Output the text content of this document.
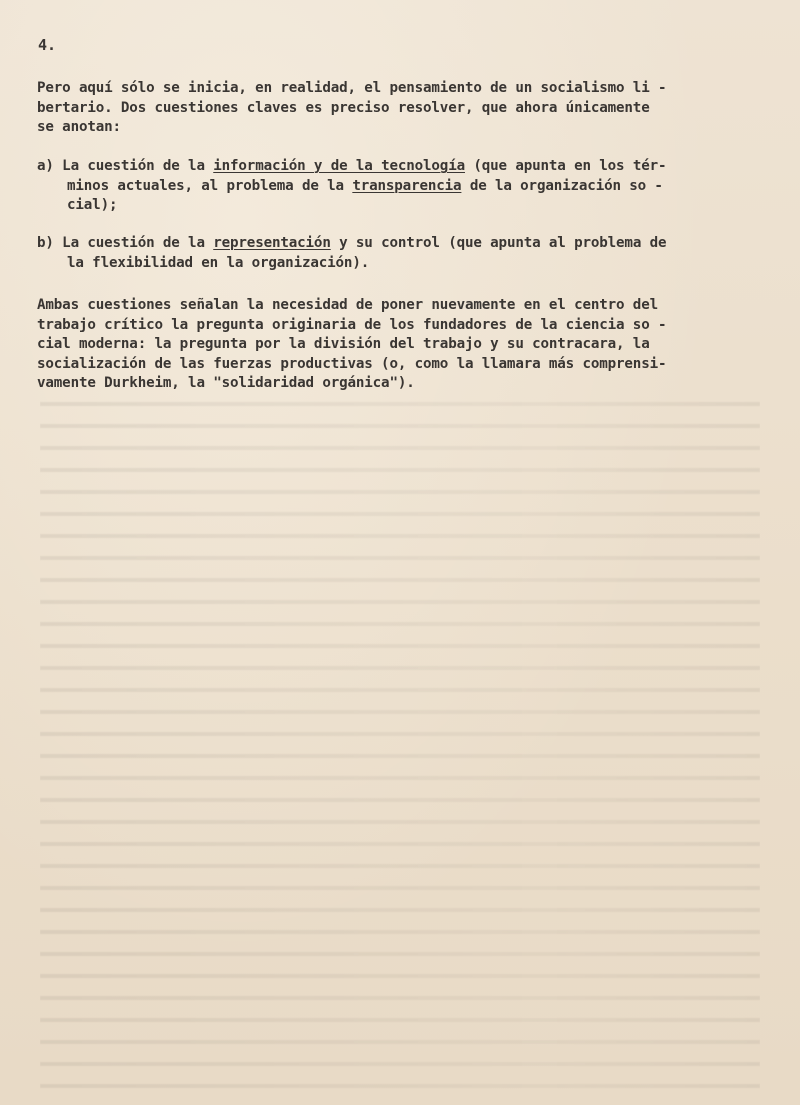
4.
Pero aquí sólo se inicia, en realidad, el pensamiento de un socialismo li -
bertario. Dos cuestiones claves es preciso resolver, que ahora únicamente
se anotan:
a) La cuestión de la información y de la tecnología (que apunta en los tér-
minos actuales, al problema de la transparencia de la organización so -
cial);
b) La cuestión de la representación y su control (que apunta al problema de
la flexibilidad en la organización).
Ambas cuestiones señalan la necesidad de poner nuevamente en el centro del
trabajo crítico la pregunta originaria de los fundadores de la ciencia so -
cial moderna: la pregunta por la división del trabajo y su contracara, la
socialización de las fuerzas productivas (o, como la llamara más comprensi-
vamente Durkheim, la "solidaridad orgánica").
